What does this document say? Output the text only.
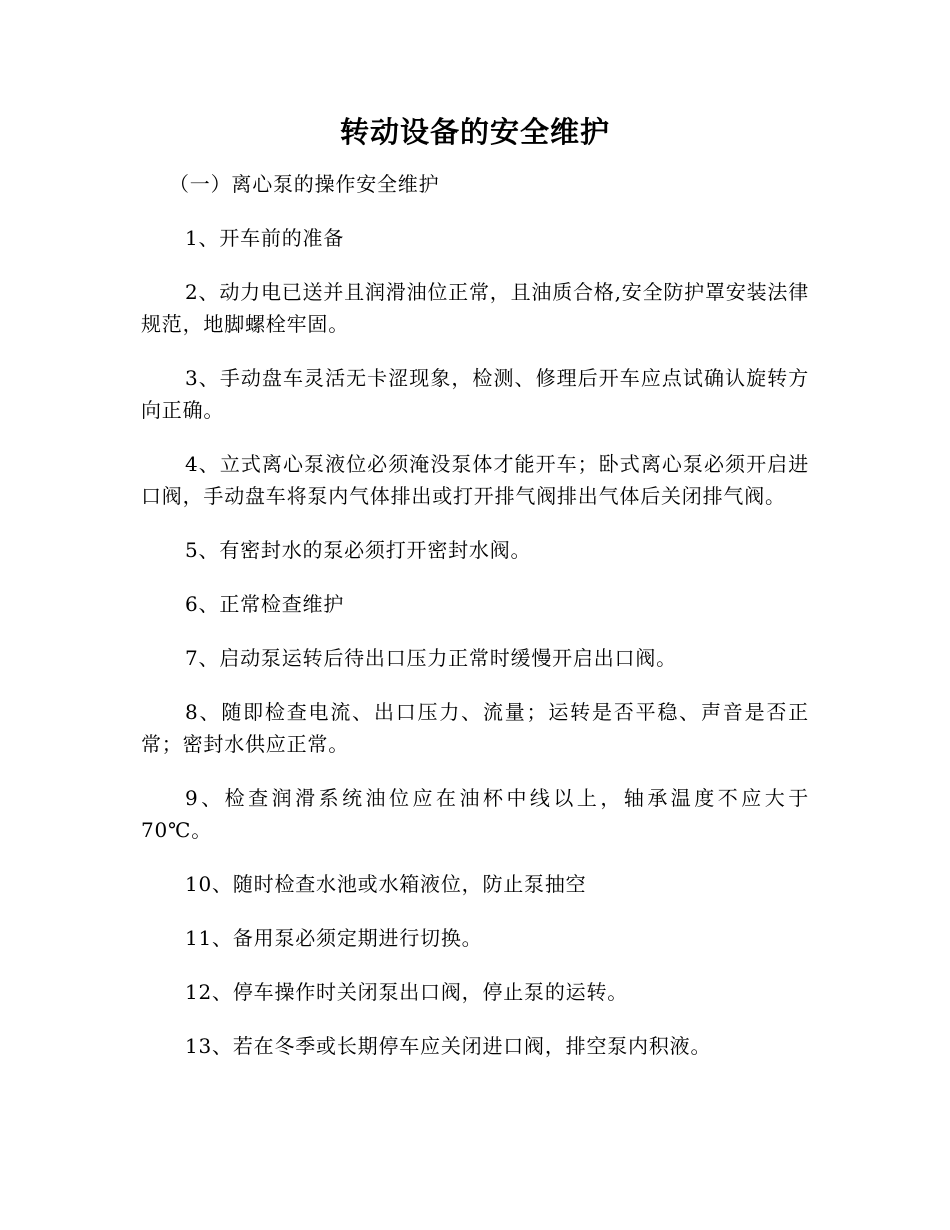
转动设备的安全维护

（一）离心泵的操作安全维护

1、开车前的准备

2、动力电已送并且润滑油位正常，且油质合格,安全防护罩安装法律规范，地脚螺栓牢固。

3、手动盘车灵活无卡涩现象，检测、修理后开车应点试确认旋转方向正确。

4、立式离心泵液位必须淹没泵体才能开车；卧式离心泵必须开启进口阀，手动盘车将泵内气体排出或打开排气阀排出气体后关闭排气阀。

5、有密封水的泵必须打开密封水阀。

6、正常检查维护

7、启动泵运转后待出口压力正常时缓慢开启出口阀。

8、随即检查电流、出口压力、流量；运转是否平稳、声音是否正常；密封水供应正常。

9、检查润滑系统油位应在油杯中线以上，轴承温度不应大于70℃。

10、随时检查水池或水箱液位，防止泵抽空

11、备用泵必须定期进行切换。

12、停车操作时关闭泵出口阀，停止泵的运转。

13、若在冬季或长期停车应关闭进口阀，排空泵内积液。
